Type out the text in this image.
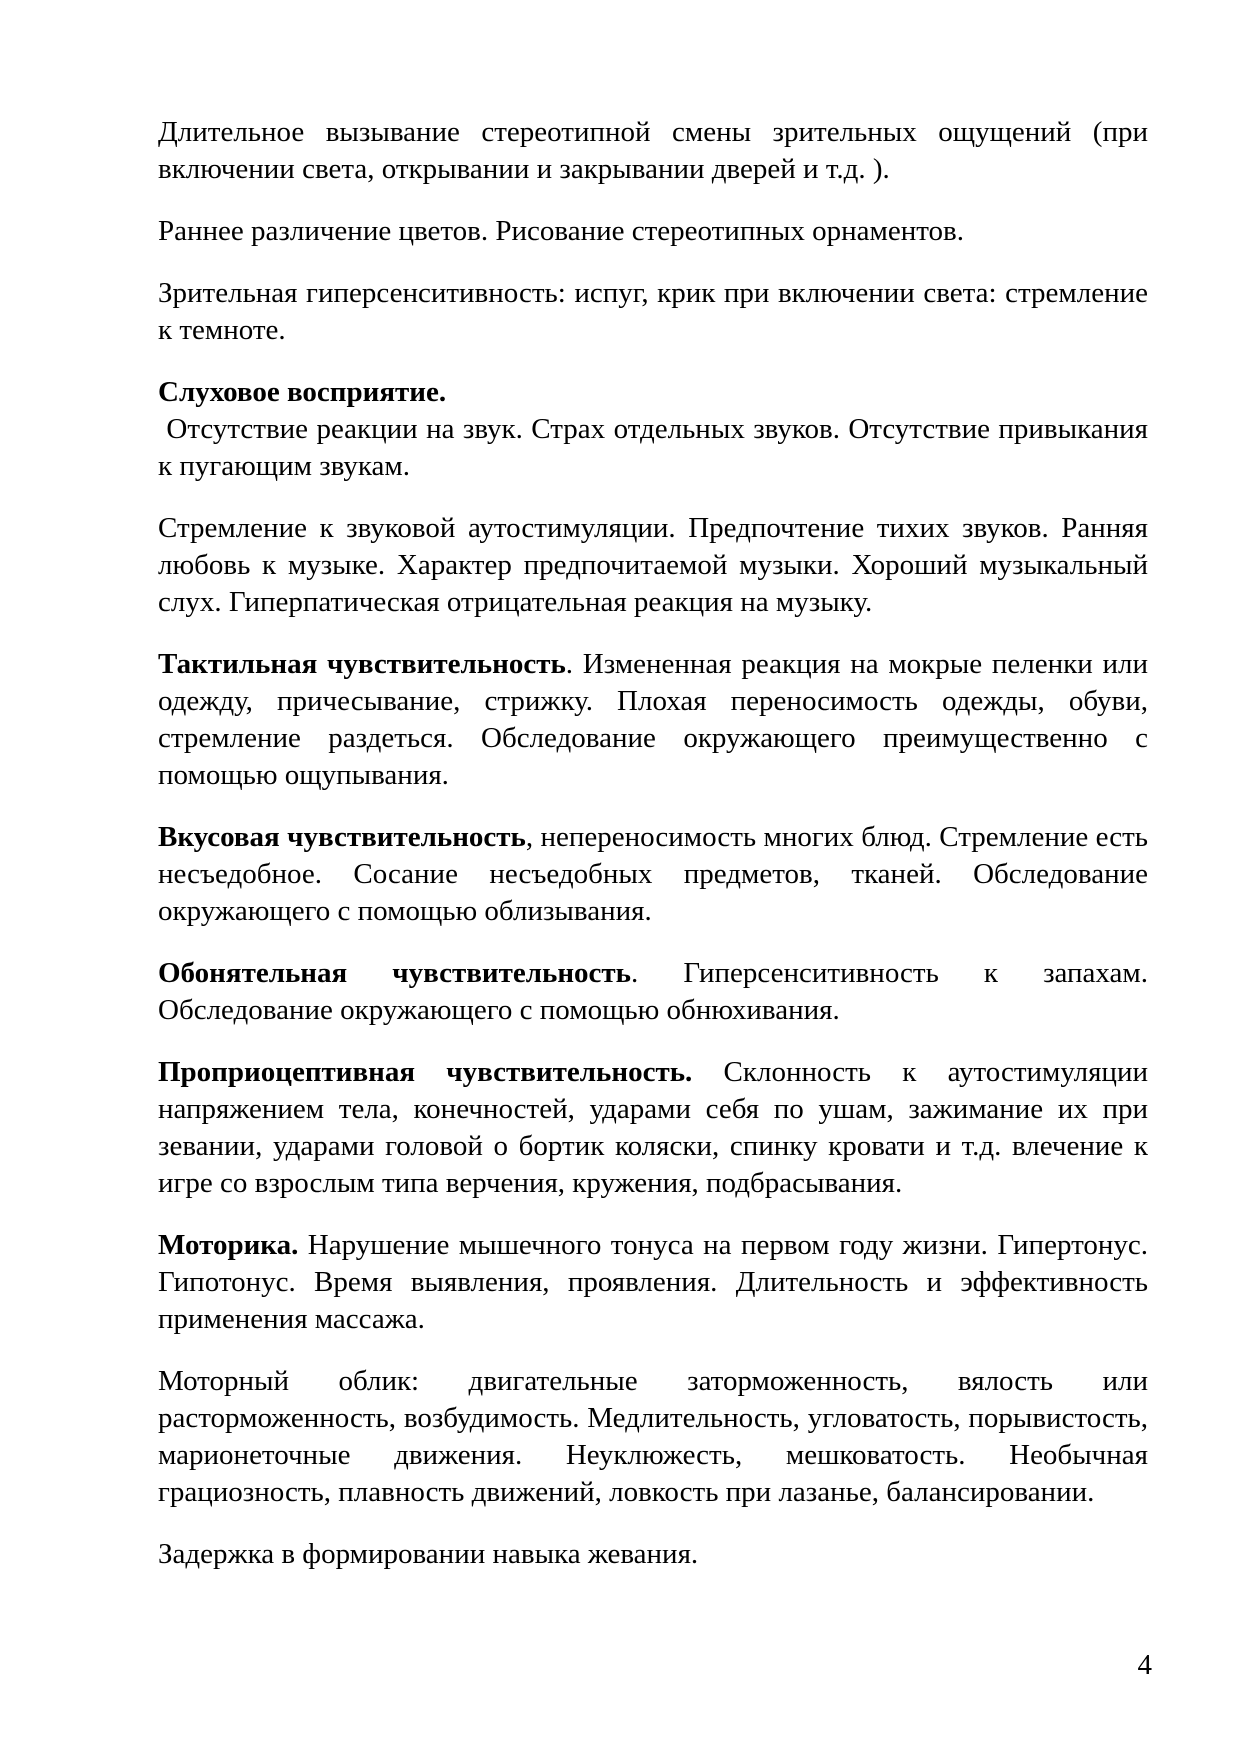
Длительное вызывание стереотипной смены зрительных ощущений (при включении света, открывании и закрывании дверей и т.д. ).

Раннее различение цветов. Рисование стереотипных орнаментов.

Зрительная гиперсенситивность: испуг, крик при включении света: стремление к темноте.

Слуховое восприятие.

Отсутствие реакции на звук. Страх отдельных звуков. Отсутствие привыкания к пугающим звукам.

Стремление к звуковой аутостимуляции. Предпочтение тихих звуков. Ранняя любовь к музыке. Характер предпочитаемой музыки. Хороший музыкальный слух. Гиперпатическая отрицательная реакция на музыку.

Тактильная чувствительность. Измененная реакция на мокрые пеленки или одежду, причесывание, стрижку. Плохая переносимость одежды, обуви, стремление раздеться. Обследование окружающего преимущественно с помощью ощупывания.

Вкусовая чувствительность, непереносимость многих блюд. Стремление есть несъедобное. Сосание несъедобных предметов, тканей. Обследование окружающего с помощью облизывания.

Обонятельная чувствительность. Гиперсенситивность к запахам. Обследование окружающего с помощью обнюхивания.

Проприоцептивная чувствительность. Склонность к аутостимуляции напряжением тела, конечностей, ударами себя по ушам, зажимание их при зевании, ударами головой о бортик коляски, спинку кровати и т.д. влечение к игре со взрослым типа верчения, кружения, подбрасывания.

Моторика. Нарушение мышечного тонуса на первом году жизни. Гипертонус. Гипотонус. Время выявления, проявления. Длительность и эффективность применения массажа.

Моторный облик: двигательные заторможенность, вялость или расторможенность, возбудимость. Медлительность, угловатость, порывистость, марионеточные движения. Неуклюжесть, мешковатость. Необычная грациозность, плавность движений, ловкость при лазанье, балансировании.

Задержка в формировании навыка жевания.

4
